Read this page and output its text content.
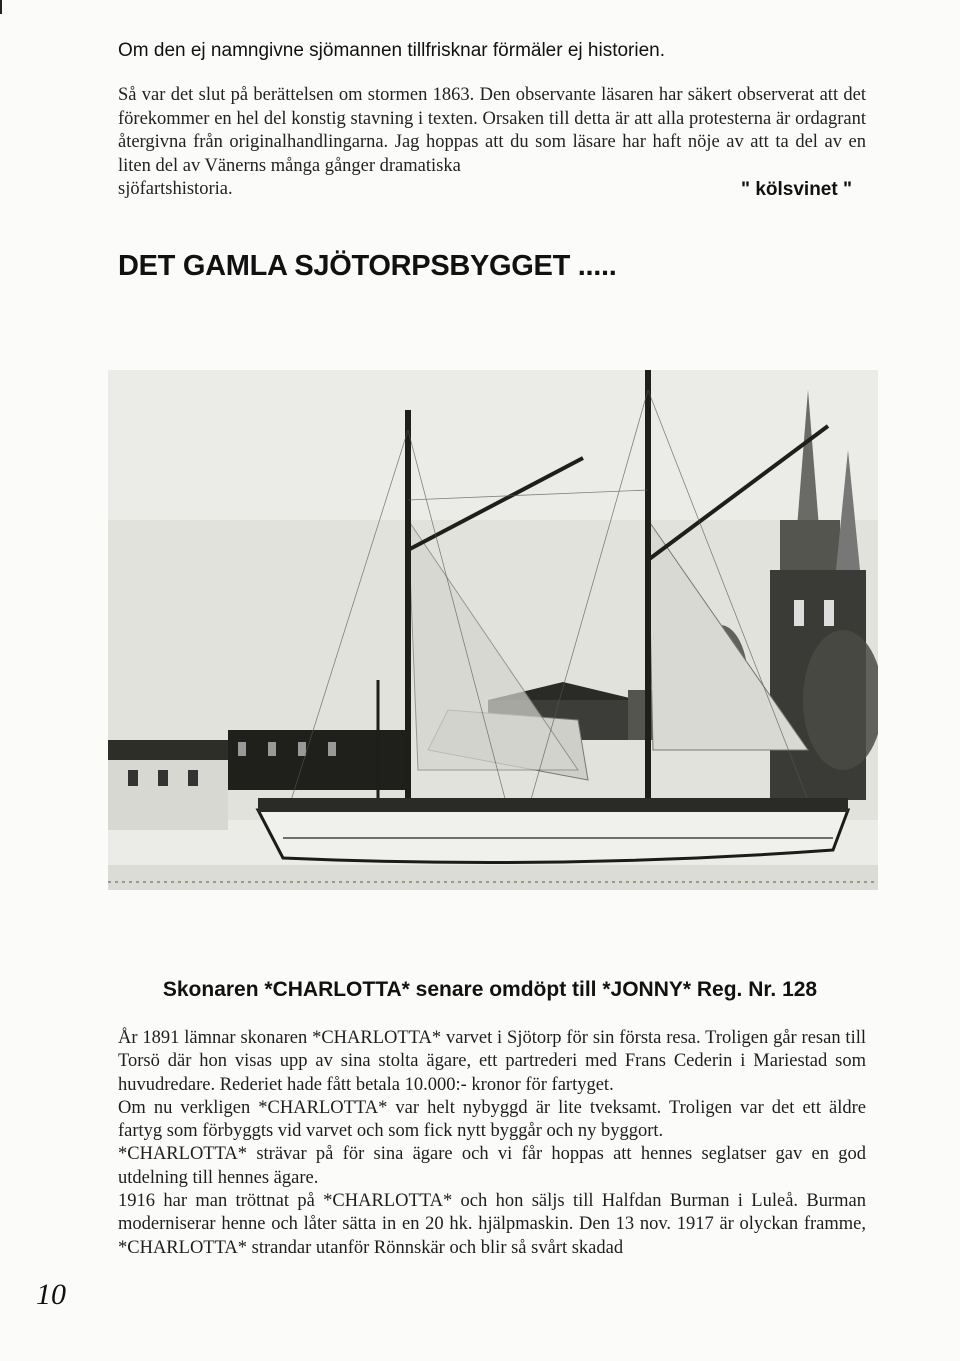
Om den ej namngivne sjömannen tillfrisknar förmäler ej historien.
Så var det slut på berättelsen om stormen 1863. Den observante läsaren har säkert observerat att det förekommer en hel del konstig stavning i texten. Orsaken till detta är att alla protesterna är ordagrant återgivna från originalhandlingarna. Jag hoppas att du som läsare har haft nöje av att ta del av en liten del av Vänerns många gånger dramatiska
sjöfartshistoria.	" kölsvinet "
DET GAMLA SJÖTORPSBYGGET .....
Skonaren *CHARLOTTA* senare omdöpt till *JONNY* Reg. Nr. 128

År 1891 lämnar skonaren *CHARLOTTA* varvet i Sjötorp för sin första resa. Troligen går resan till Torsö där hon visas upp av sina stolta ägare, ett partrederi med Frans Cederin i Mariestad som huvudredare. Rederiet hade fått betala 10.000:- kronor för fartyget.

Om nu verkligen *CHARLOTTA* var helt nybyggd är lite tveksamt. Troligen var det ett äldre fartyg som förbyggts vid varvet och som fick nytt byggår och ny byggort.

*CHARLOTTA* strävar på för sina ägare och vi får hoppas att hennes seglatser gav en god utdelning till hennes ägare.

1916 har man tröttnat på *CHARLOTTA* och hon säljs till Halfdan Burman i Luleå. Burman moderniserar henne och låter sätta in en 20 hk. hjälpmaskin. Den 13 nov. 1917 är olyckan framme, *CHARLOTTA* strandar utanför Rönnskär och blir så svårt skadad

10
